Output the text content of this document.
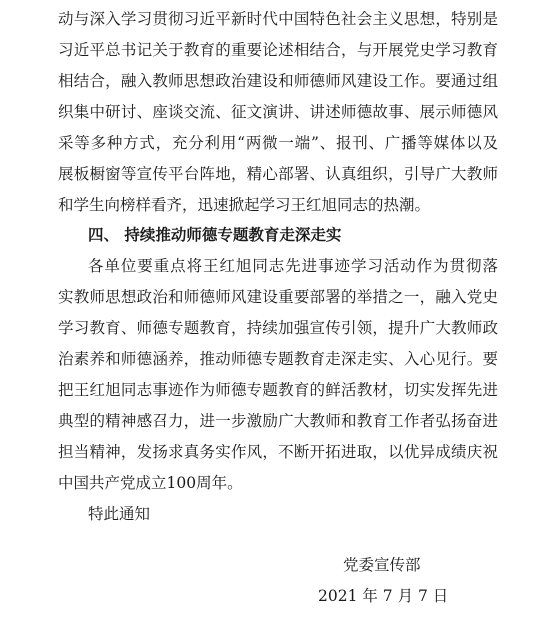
动与深入学习贯彻习近平新时代中国特色社会主义思想，特别是
习近平总书记关于教育的重要论述相结合，与开展党史学习教育
相结合，融入教师思想政治建设和师德师风建设工作。要通过组
织集中研讨、座谈交流、征文演讲、讲述师德故事、展示师德风
采等多种方式，充分利用“两微一端”、报刊、广播等媒体以及
展板橱窗等宣传平台阵地，精心部署、认真组织，引导广大教师
和学生向榜样看齐，迅速掀起学习王红旭同志的热潮。
四、 持续推动师德专题教育走深走实
各单位要重点将王红旭同志先进事迹学习活动作为贯彻落
实教师思想政治和师德师风建设重要部署的举措之一，融入党史
学习教育、师德专题教育，持续加强宣传引领，提升广大教师政
治素养和师德涵养，推动师德专题教育走深走实、入心见行。要
把王红旭同志事迹作为师德专题教育的鲜活教材，切实发挥先进
典型的精神感召力，进一步激励广大教师和教育工作者弘扬奋进
担当精神，发扬求真务实作风，不断开拓进取，以优异成绩庆祝
中国共产党成立100周年。
特此通知
党委宣传部
2021 年 7 月 7 日
